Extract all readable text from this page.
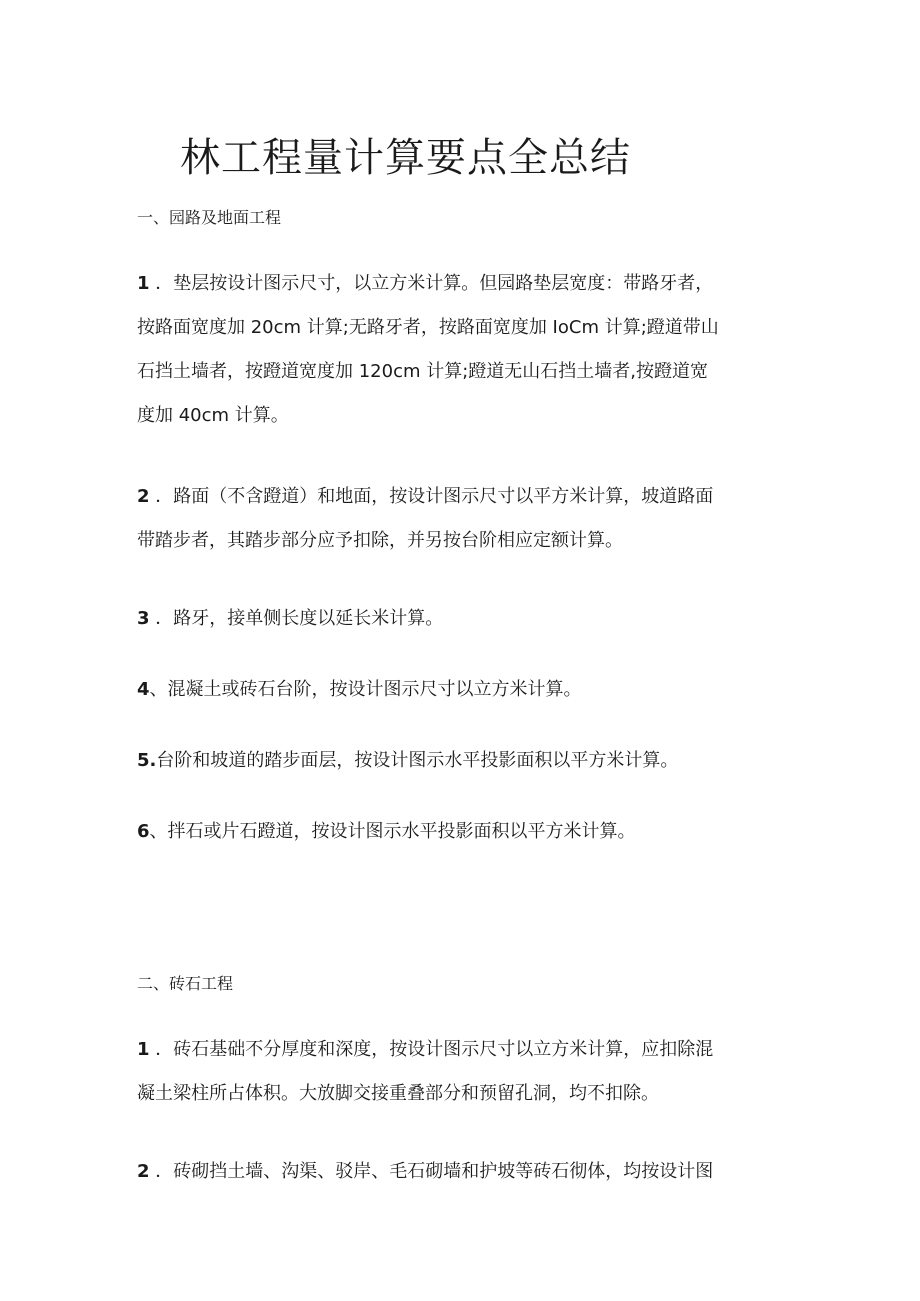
林工程量计算要点全总结
一、园路及地面工程
1 ．垫层按设计图示尺寸，以立方米计算。但园路垫层宽度：带路牙者，
按路面宽度加 20cm 计算;无路牙者，按路面宽度加 IoCm 计算;蹬道带山
石挡土墙者，按蹬道宽度加 120cm 计算;蹬道无山石挡土墙者,按蹬道宽
度加 40cm 计算。
2 ．路面（不含蹬道）和地面，按设计图示尺寸以平方米计算，坡道路面
带踏步者，其踏步部分应予扣除，并另按台阶相应定额计算。
3 ．路牙，接单侧长度以延长米计算。
4、混凝土或砖石台阶，按设计图示尺寸以立方米计算。
5.台阶和坡道的踏步面层，按设计图示水平投影面积以平方米计算。
6、拌石或片石蹬道，按设计图示水平投影面积以平方米计算。
二、砖石工程
1 ．砖石基础不分厚度和深度，按设计图示尺寸以立方米计算，应扣除混
凝土梁柱所占体积。大放脚交接重叠部分和预留孔洞，均不扣除。
2 ．砖砌挡土墙、沟渠、驳岸、毛石砌墙和护坡等砖石彻体，均按设计图
